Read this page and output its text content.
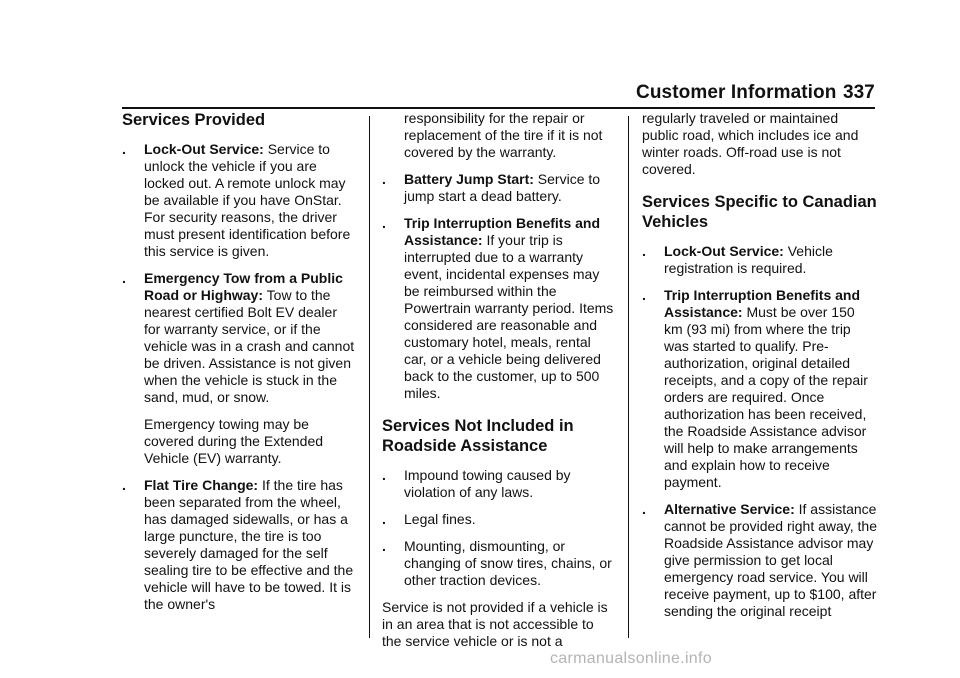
Customer Information 337
Services Provided
. Lock-Out Service: Service to unlock the vehicle if you are locked out. A remote unlock may be available if you have OnStar. For security reasons, the driver must present identification before this service is given.
. Emergency Tow from a Public Road or Highway: Tow to the nearest certified Bolt EV dealer for warranty service, or if the vehicle was in a crash and cannot be driven. Assistance is not given when the vehicle is stuck in the sand, mud, or snow.

Emergency towing may be covered during the Extended Vehicle (EV) warranty.

. Flat Tire Change: If the tire has been separated from the wheel, has damaged sidewalls, or has a large puncture, the tire is too severely damaged for the self sealing tire to be effective and the vehicle will have to be towed. It is the owner's

responsibility for the repair or replacement of the tire if it is not covered by the warranty.

. Battery Jump Start: Service to jump start a dead battery.
. Trip Interruption Benefits and Assistance: If your trip is interrupted due to a warranty event, incidental expenses may be reimbursed within the Powertrain warranty period. Items considered are reasonable and customary hotel, meals, rental car, or a vehicle being delivered back to the customer, up to 500 miles.
Services Not Included in Roadside Assistance
. Impound towing caused by violation of any laws.
. Legal fines.
. Mounting, dismounting, or changing of snow tires, chains, or other traction devices.

Service is not provided if a vehicle is in an area that is not accessible to the service vehicle or is not a

regularly traveled or maintained public road, which includes ice and winter roads. Off-road use is not covered.

Services Specific to Canadian Vehicles
. Lock-Out Service: Vehicle registration is required.
. Trip Interruption Benefits and Assistance: Must be over 150 km (93 mi) from where the trip was started to qualify. Pre-authorization, original detailed receipts, and a copy of the repair orders are required. Once authorization has been received, the Roadside Assistance advisor will help to make arrangements and explain how to receive payment.
. Alternative Service: If assistance cannot be provided right away, the Roadside Assistance advisor may give permission to get local emergency road service. You will receive payment, up to $100, after sending the original receipt
carmanualsonline.info
